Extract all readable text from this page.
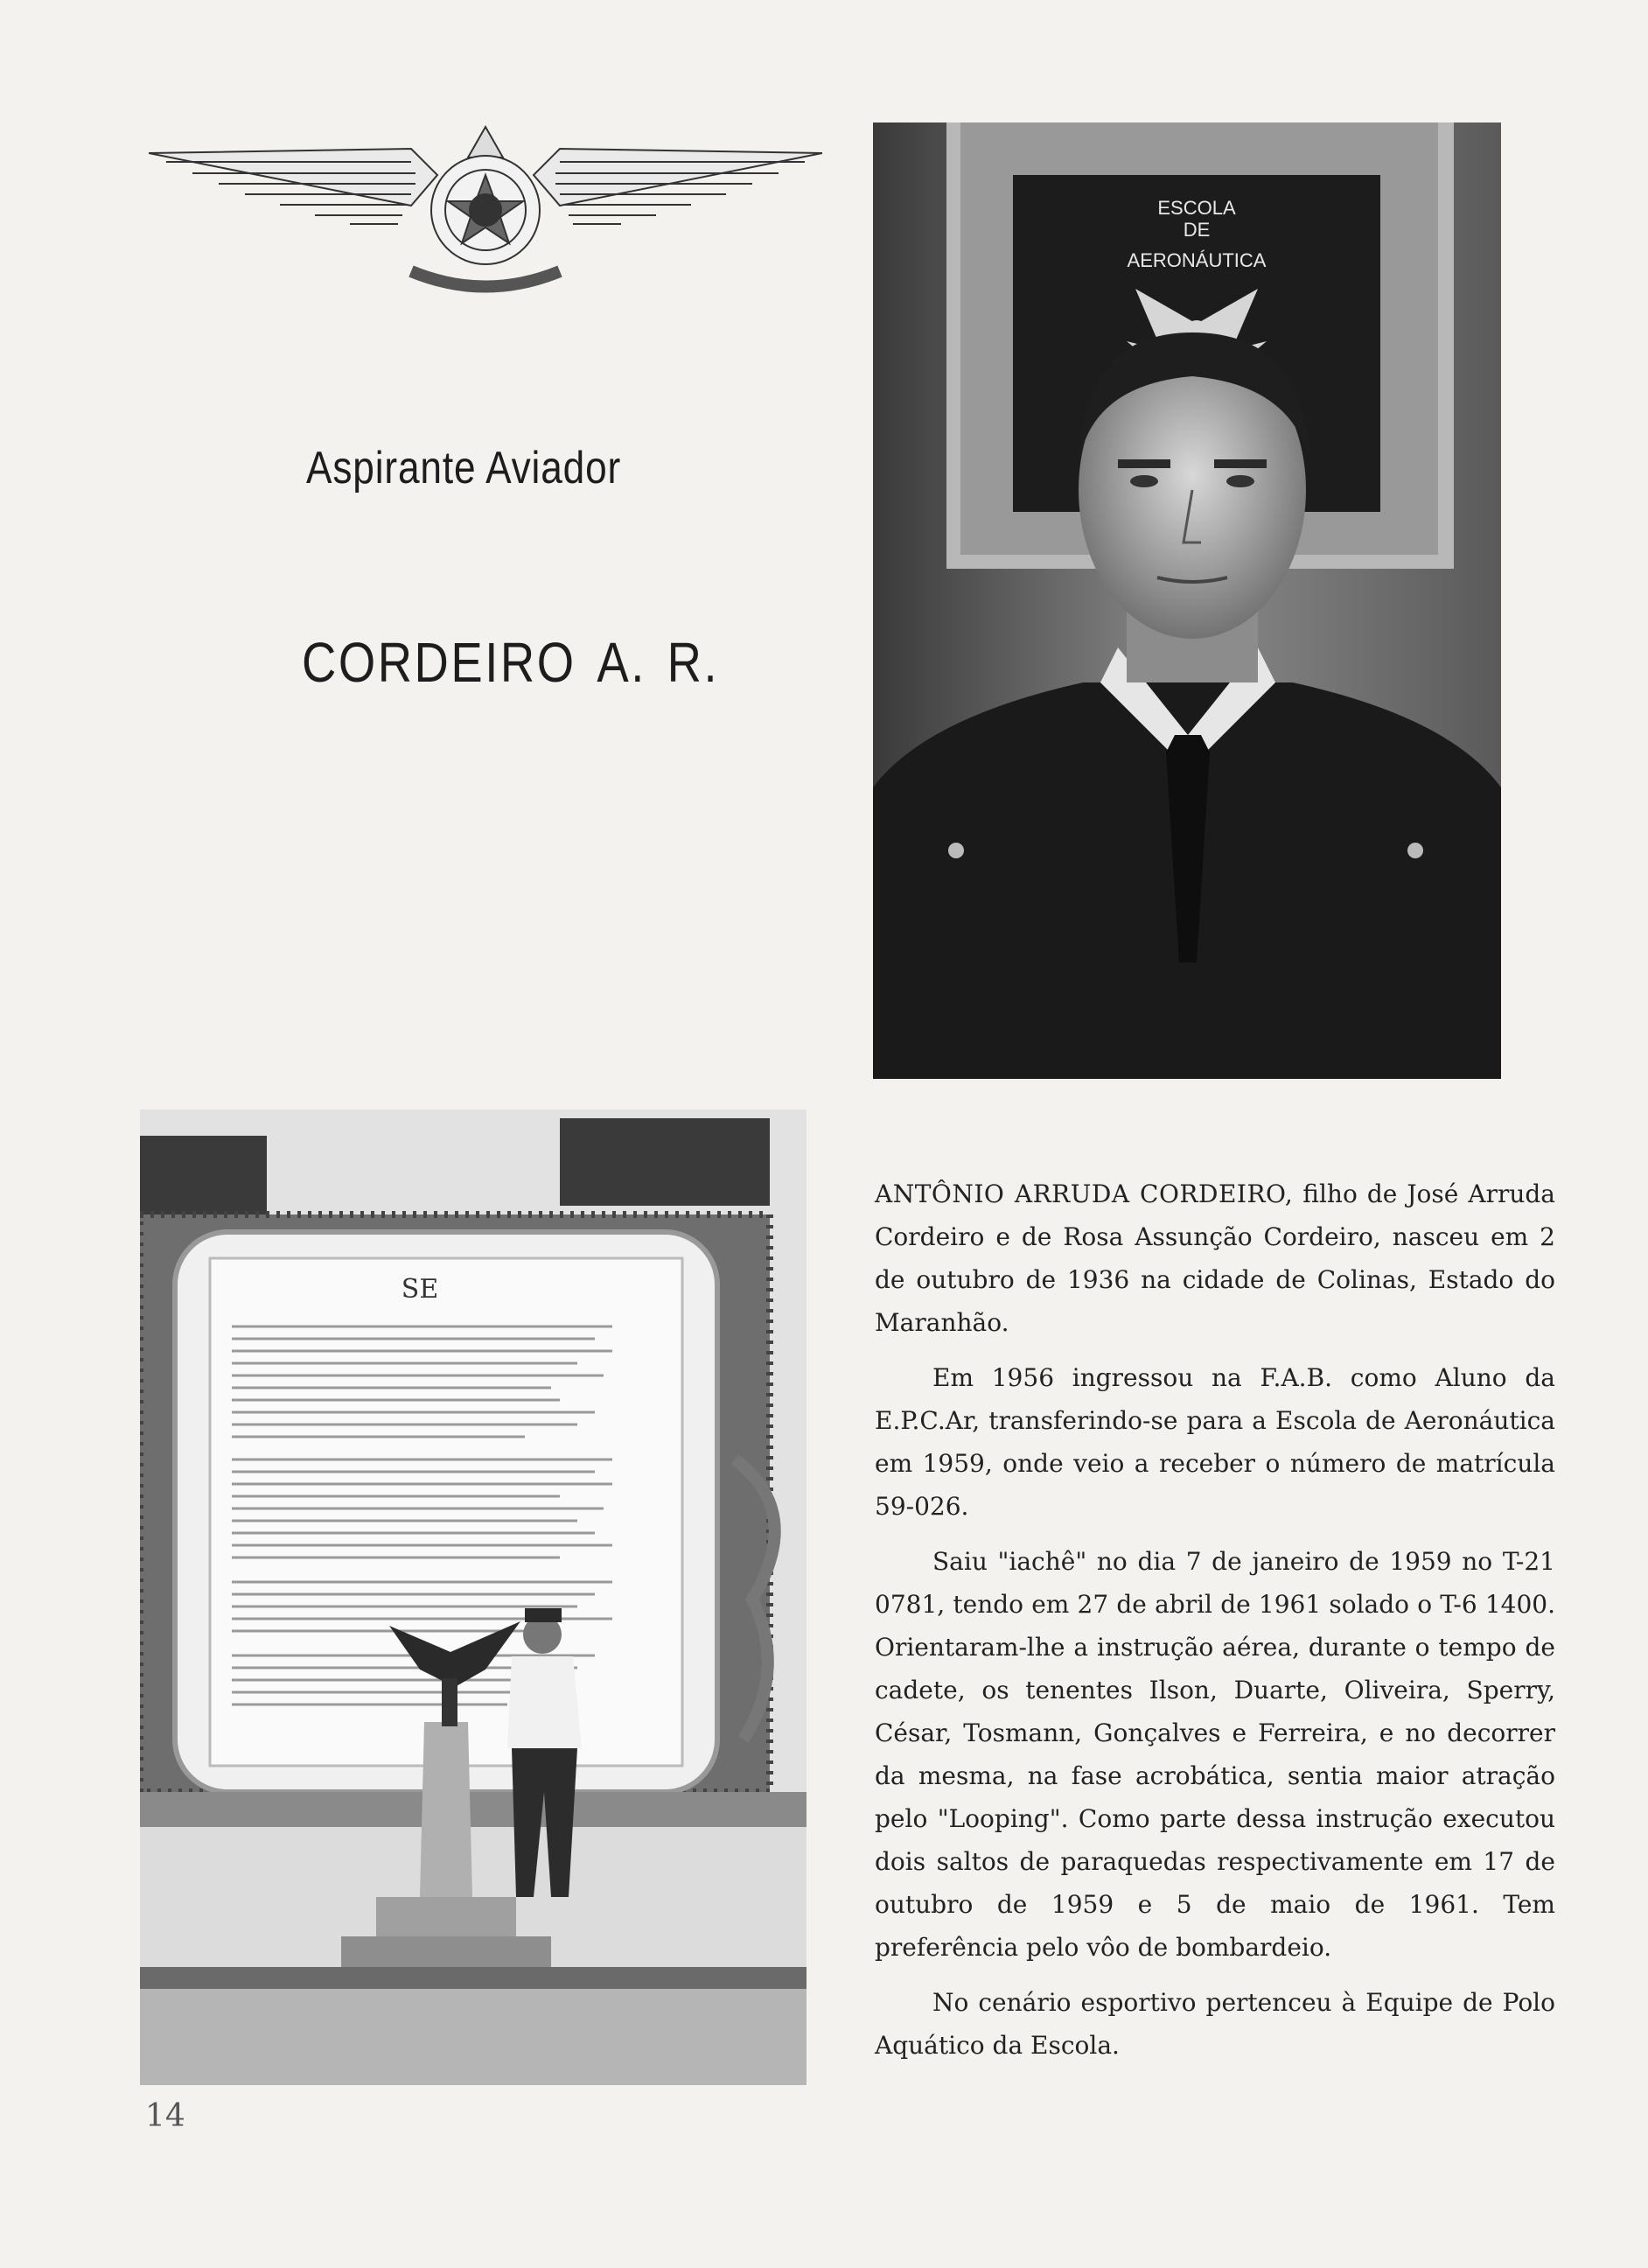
Aspirante Aviador
CORDEIRO A. R.
ESCOLA
DE
AERONÁUTICA
SE

ANTÔNIO ARRUDA CORDEIRO, filho de José Arruda Cordeiro e de Rosa Assunção Cordeiro, nasceu em 2 de outubro de 1936 na cidade de Colinas, Estado do Maranhão.

Em 1956 ingressou na F.A.B. como Aluno da E.P.C.Ar, transferindo-se para a Escola de Aeronáutica em 1959, onde veio a receber o número de matrícula 59-026.

Saiu "iachê" no dia 7 de janeiro de 1959 no T-21 0781, tendo em 27 de abril de 1961 solado o T-6 1400. Orientaram-lhe a instrução aérea, durante o tempo de cadete, os tenentes Ilson, Duarte, Oliveira, Sperry, César, Tosmann, Gonçalves e Ferreira, e no decorrer da mesma, na fase acrobática, sentia maior atração pelo "Looping". Como parte dessa instrução executou dois saltos de paraquedas respectivamente em 17 de outubro de 1959 e 5 de maio de 1961. Tem preferência pelo vôo de bombardeio.

No cenário esportivo pertenceu à Equipe de Polo Aquático da Escola.

14
